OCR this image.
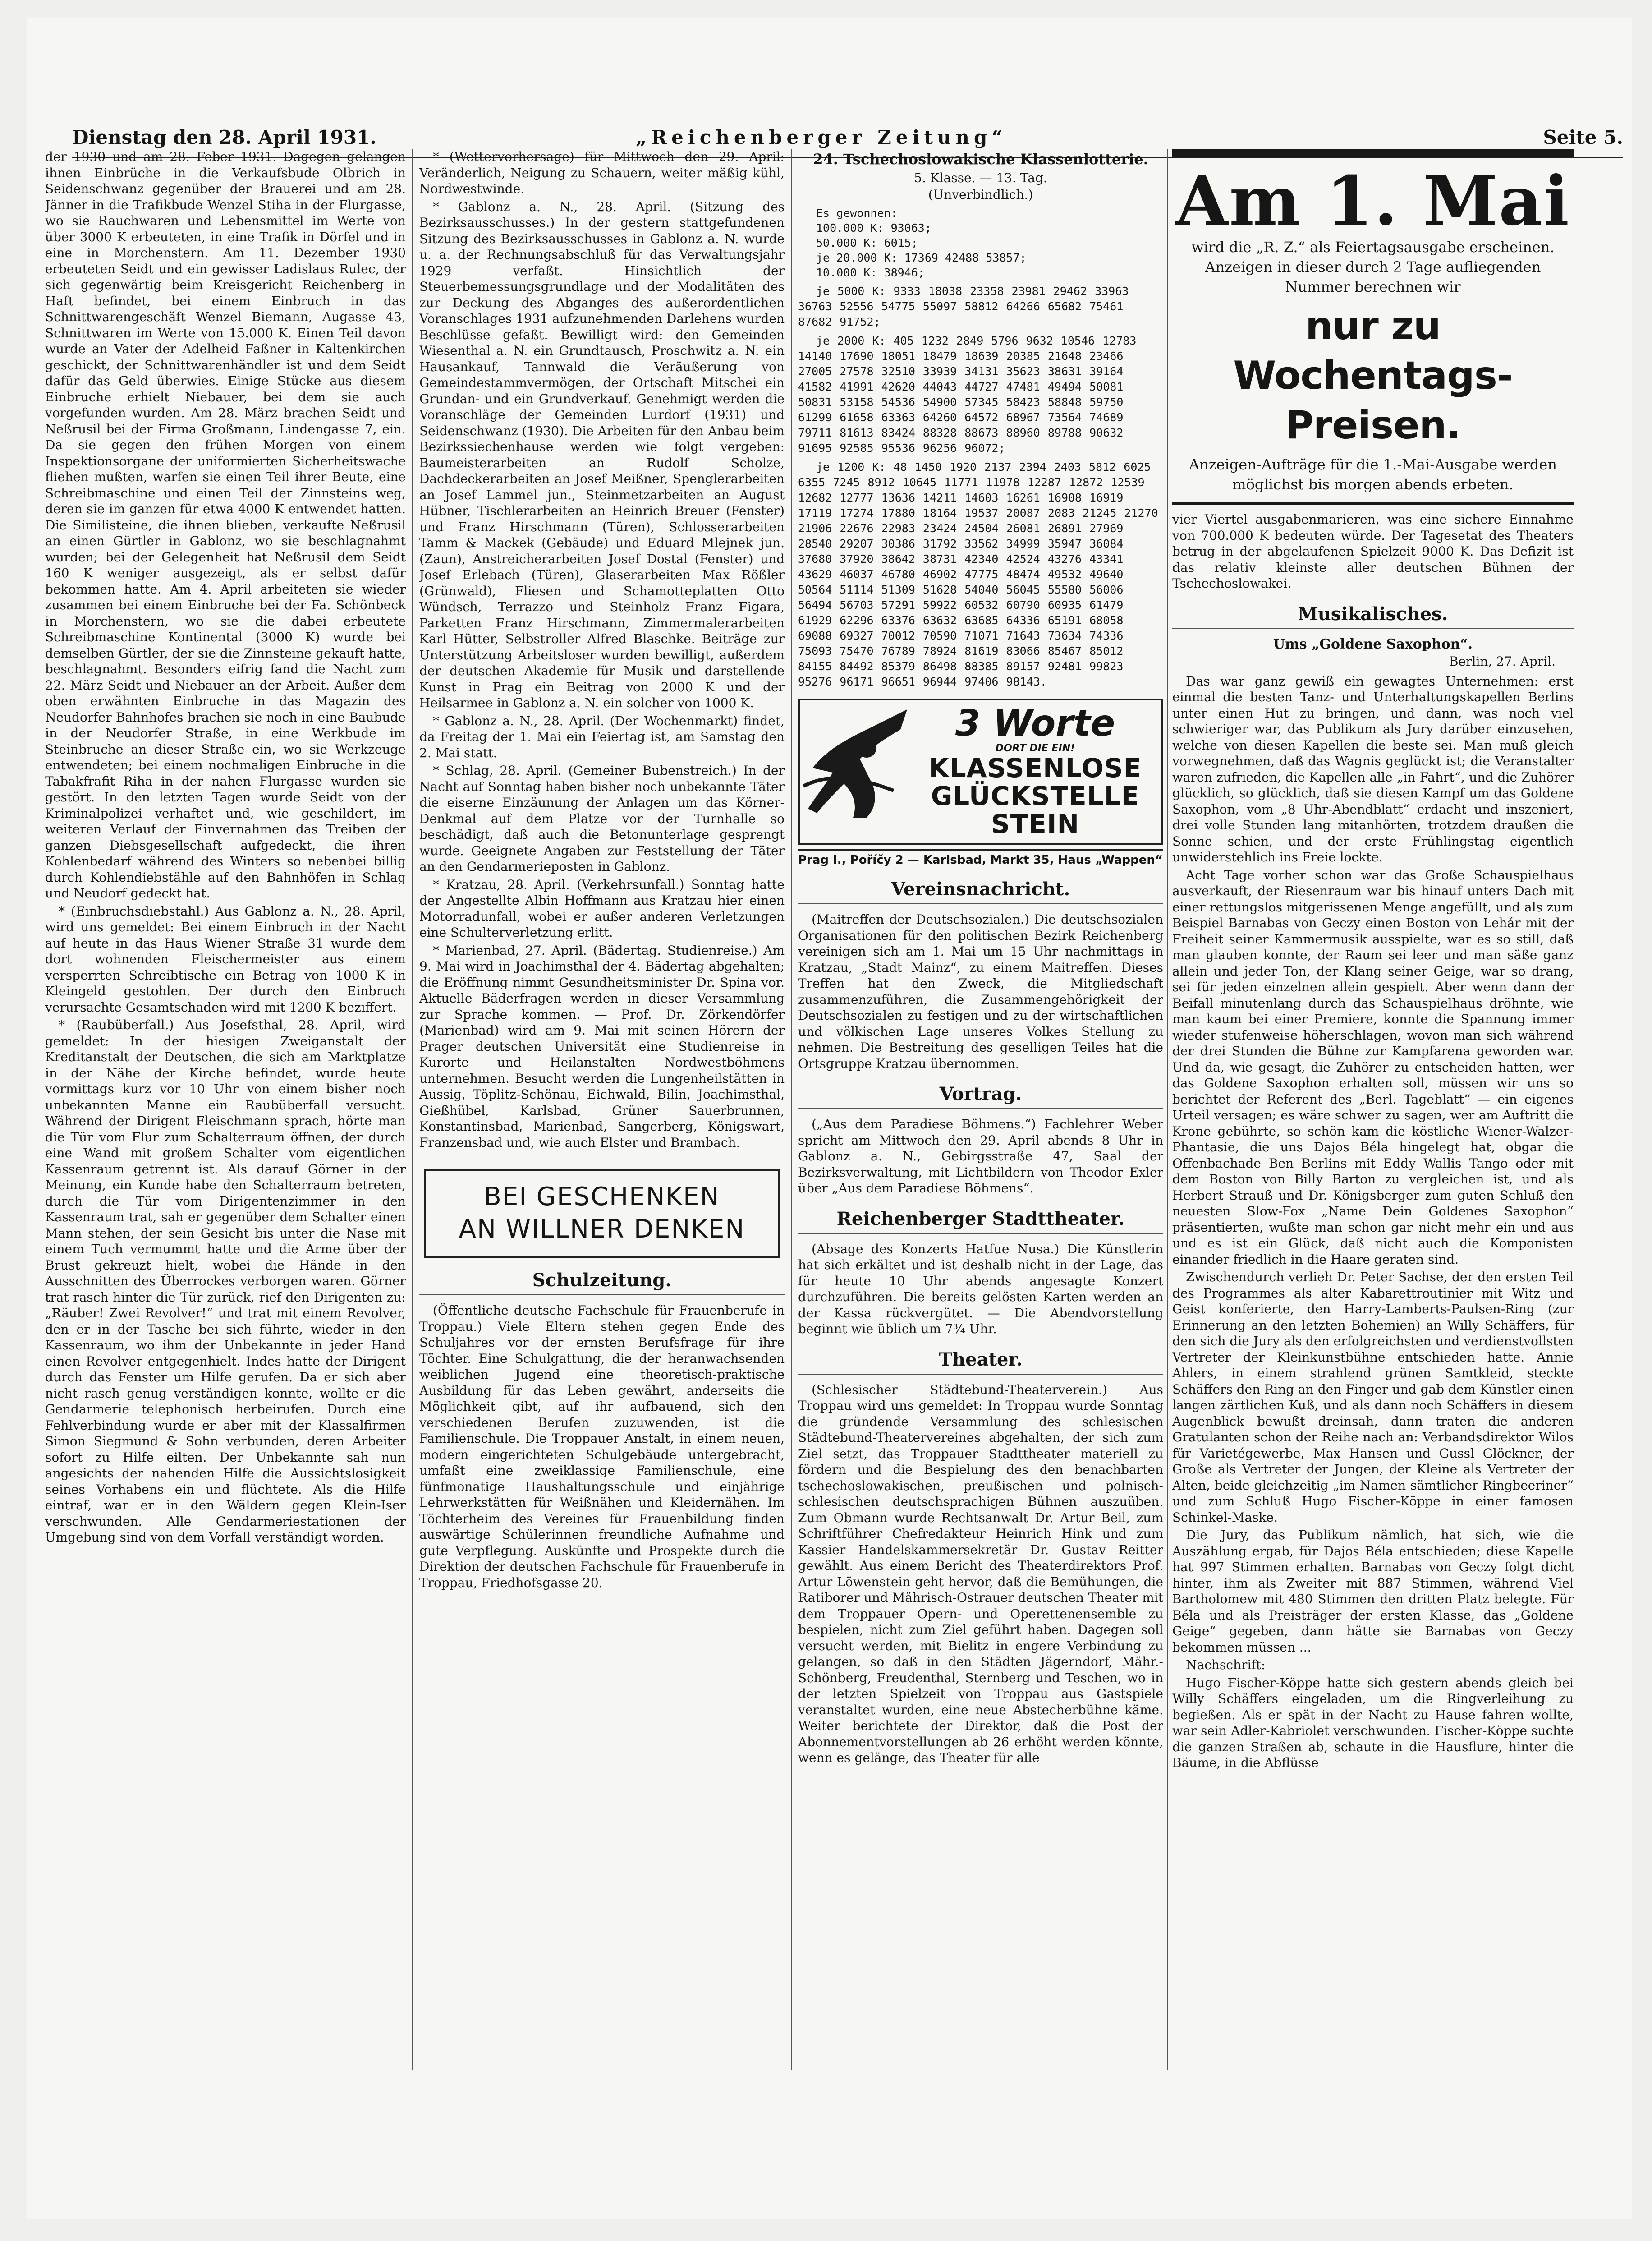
Dienstag den 28. April 1931.	„Reichenberger Zeitung“	Seite 5.

der 1930 und am 28. Feber 1931. Dagegen gelangen ihnen Einbrüche in die Verkaufsbude Olbrich in Seidenschwanz gegenüber der Brauerei und am 28. Jänner in die Trafikbude Wenzel Stiha in der Flurgasse, wo sie Rauchwaren und Lebensmittel im Werte von über 3000 K erbeuteten, in eine Trafik in Dörfel und in eine in Morchenstern. Am 11. Dezember 1930 erbeuteten Seidt und ein gewisser Ladislaus Rulec, der sich gegenwärtig beim Kreisgericht Reichenberg in Haft befindet, bei einem Einbruch in das Schnittwarengeschäft Wenzel Biemann, Augasse 43, Schnittwaren im Werte von 15.000 K. Einen Teil davon wurde an Vater der Adelheid Faßner in Kaltenkirchen geschickt, der Schnittwarenhändler ist und dem Seidt dafür das Geld überwies. Einige Stücke aus diesem Einbruche erhielt Niebauer, bei dem sie auch vorgefunden wurden. Am 28. März brachen Seidt und Neßrusil bei der Firma Großmann, Lindengasse 7, ein. Da sie gegen den frühen Morgen von einem Inspektionsorgane der uniformierten Sicherheitswache fliehen mußten, warfen sie einen Teil ihrer Beute, eine Schreibmaschine und einen Teil der Zinnsteins weg, deren sie im ganzen für etwa 4000 K entwendet hatten. Die Similisteine, die ihnen blieben, verkaufte Neßrusil an einen Gürtler in Gablonz, wo sie beschlagnahmt wurden; bei der Gelegenheit hat Neßrusil dem Seidt 160 K weniger ausgezeigt, als er selbst dafür bekommen hatte. Am 4. April arbeiteten sie wieder zusammen bei einem Einbruche bei der Fa. Schönbeck in Morchenstern, wo sie die dabei erbeutete Schreibmaschine Kontinental (3000 K) wurde bei demselben Gürtler, der sie die Zinnsteine gekauft hatte, beschlagnahmt. Besonders eifrig fand die Nacht zum 22. März Seidt und Niebauer an der Arbeit. Außer dem oben erwähnten Einbruche in das Magazin des Neudorfer Bahnhofes brachen sie noch in eine Baubude in der Neudorfer Straße, in eine Werkbude im Steinbruche an dieser Straße ein, wo sie Werkzeuge entwendeten; bei einem nochmaligen Einbruche in die Tabakfrafit Riha in der nahen Flurgasse wurden sie gestört. In den letzten Tagen wurde Seidt von der Kriminalpolizei verhaftet und, wie geschildert, im weiteren Verlauf der Einvernahmen das Treiben der ganzen Diebsgesellschaft aufgedeckt, die ihren Kohlenbedarf während des Winters so nebenbei billig durch Kohlendiebstähle auf den Bahnhöfen in Schlag und Neudorf gedeckt hat.

* (Einbruchsdiebstahl.) Aus Gablonz a. N., 28. April, wird uns gemeldet: Bei einem Einbruch in der Nacht auf heute in das Haus Wiener Straße 31 wurde dem dort wohnenden Fleischermeister aus einem versperrten Schreibtische ein Betrag von 1000 K in Kleingeld gestohlen. Der durch den Einbruch verursachte Gesamtschaden wird mit 1200 K beziffert.

* (Raubüberfall.) Aus Josefsthal, 28. April, wird gemeldet: In der hiesigen Zweiganstalt der Kreditanstalt der Deutschen, die sich am Marktplatze in der Nähe der Kirche befindet, wurde heute vormittags kurz vor 10 Uhr von einem bisher noch unbekannten Manne ein Raubüberfall versucht. Während der Dirigent Fleischmann sprach, hörte man die Tür vom Flur zum Schalterraum öffnen, der durch eine Wand mit großem Schalter vom eigentlichen Kassenraum getrennt ist. Als darauf Görner in der Meinung, ein Kunde habe den Schalterraum betreten, durch die Tür vom Dirigentenzimmer in den Kassenraum trat, sah er gegenüber dem Schalter einen Mann stehen, der sein Gesicht bis unter die Nase mit einem Tuch vermummt hatte und die Arme über der Brust gekreuzt hielt, wobei die Hände in den Ausschnitten des Überrockes verborgen waren. Görner trat rasch hinter die Tür zurück, rief den Dirigenten zu: „Räuber! Zwei Revolver!“ und trat mit einem Revolver, den er in der Tasche bei sich führte, wieder in den Kassenraum, wo ihm der Unbekannte in jeder Hand einen Revolver entgegenhielt. Indes hatte der Dirigent durch das Fenster um Hilfe gerufen. Da er sich aber nicht rasch genug verständigen konnte, wollte er die Gendarmerie telephonisch herbeirufen. Durch eine Fehlverbindung wurde er aber mit der Klassalfirmen Simon Siegmund & Sohn verbunden, deren Arbeiter sofort zu Hilfe eilten. Der Unbekannte sah nun angesichts der nahenden Hilfe die Aussichtslosigkeit seines Vorhabens ein und flüchtete. Als die Hilfe eintraf, war er in den Wäldern gegen Klein-Iser verschwunden. Alle Gendarmeriestationen der Umgebung sind von dem Vorfall verständigt worden.

* (Wettervorhersage) für Mittwoch den 29. April: Veränderlich, Neigung zu Schauern, weiter mäßig kühl, Nordwestwinde.

* Gablonz a. N., 28. April. (Sitzung des Bezirksausschusses.) In der gestern stattgefundenen Sitzung des Bezirksausschusses in Gablonz a. N. wurde u. a. der Rechnungsabschluß für das Verwaltungsjahr 1929 verfaßt. Hinsichtlich der Steuerbemessungsgrundlage und der Modalitäten des zur Deckung des Abganges des außerordentlichen Voranschlages 1931 aufzunehmenden Darlehens wurden Beschlüsse gefaßt. Bewilligt wird: den Gemeinden Wiesenthal a. N. ein Grundtausch, Proschwitz a. N. ein Hausankauf, Tannwald die Veräußerung von Gemeindestammvermögen, der Ortschaft Mitschei ein Grundan- und ein Grundverkauf. Genehmigt werden die Voranschläge der Gemeinden Lurdorf (1931) und Seidenschwanz (1930). Die Arbeiten für den Anbau beim Bezirkssiechenhause werden wie folgt vergeben: Baumeisterarbeiten an Rudolf Scholze, Dachdeckerarbeiten an Josef Meißner, Spenglerarbeiten an Josef Lammel jun., Steinmetzarbeiten an August Hübner, Tischlerarbeiten an Heinrich Breuer (Fenster) und Franz Hirschmann (Türen), Schlosserarbeiten Tamm & Mackek (Gebäude) und Eduard Mlejnek jun. (Zaun), Anstreicherarbeiten Josef Dostal (Fenster) und Josef Erlebach (Türen), Glaserarbeiten Max Rößler (Grünwald), Fliesen und Schamotteplatten Otto Wündsch, Terrazzo und Steinholz Franz Figara, Parketten Franz Hirschmann, Zimmermalerarbeiten Karl Hütter, Selbstroller Alfred Blaschke. Beiträge zur Unterstützung Arbeitsloser wurden bewilligt, außerdem der deutschen Akademie für Musik und darstellende Kunst in Prag ein Beitrag von 2000 K und der Heilsarmee in Gablonz a. N. ein solcher von 1000 K.

* Gablonz a. N., 28. April. (Der Wochenmarkt) findet, da Freitag der 1. Mai ein Feiertag ist, am Samstag den 2. Mai statt.

* Schlag, 28. April. (Gemeiner Bubenstreich.) In der Nacht auf Sonntag haben bisher noch unbekannte Täter die eiserne Einzäunung der Anlagen um das Körner-Denkmal auf dem Platze vor der Turnhalle so beschädigt, daß auch die Betonunterlage gesprengt wurde. Geeignete Angaben zur Feststellung der Täter an den Gendarmerieposten in Gablonz.

* Kratzau, 28. April. (Verkehrsunfall.) Sonntag hatte der Angestellte Albin Hoffmann aus Kratzau hier einen Motorradunfall, wobei er außer anderen Verletzungen eine Schulterverletzung erlitt.

* Marienbad, 27. April. (Bädertag. Studienreise.) Am 9. Mai wird in Joachimsthal der 4. Bädertag abgehalten; die Eröffnung nimmt Gesundheitsminister Dr. Spina vor. Aktuelle Bäderfragen werden in dieser Versammlung zur Sprache kommen. — Prof. Dr. Zörkendörfer (Marienbad) wird am 9. Mai mit seinen Hörern der Prager deutschen Universität eine Studienreise in Kurorte und Heilanstalten Nordwestböhmens unternehmen. Besucht werden die Lungenheilstätten in Aussig, Töplitz-Schönau, Eichwald, Bilin, Joachimsthal, Gießhübel, Karlsbad, Grüner Sauerbrunnen, Konstantinsbad, Marienbad, Sangerberg, Königswart, Franzensbad und, wie auch Elster und Brambach.

BEI GESCHENKEN
AN WILLNER DENKEN
Schulzeitung.

(Öffentliche deutsche Fachschule für Frauenberufe in Troppau.) Viele Eltern stehen gegen Ende des Schuljahres vor der ernsten Berufsfrage für ihre Töchter. Eine Schulgattung, die der heranwachsenden weiblichen Jugend eine theoretisch-praktische Ausbildung für das Leben gewährt, anderseits die Möglichkeit gibt, auf ihr aufbauend, sich den verschiedenen Berufen zuzuwenden, ist die Familienschule. Die Troppauer Anstalt, in einem neuen, modern eingerichteten Schulgebäude untergebracht, umfaßt eine zweiklassige Familienschule, eine fünfmonatige Haushaltungsschule und einjährige Lehrwerkstätten für Weißnähen und Kleidernähen. Im Töchterheim des Vereines für Frauenbildung finden auswärtige Schülerinnen freundliche Aufnahme und gute Verpflegung. Auskünfte und Prospekte durch die Direktion der deutschen Fachschule für Frauenberufe in Troppau, Friedhofsgasse 20.

24. Tschechoslowakische Klassenlotterie.
5. Klasse. — 13. Tag.
(Unverbindlich.)
Es gewonnen:
100.000 K: 93063;
50.000 K: 6015;
je 20.000 K: 17369 42488 53857;
10.000 K: 38946;
je 5000 K: 9333 18038 23358 23981 29462 33963 36763 52556 54775 55097 58812 64266 65682 75461 87682 91752;
je 2000 K: 405 1232 2849 5796 9632 10546 12783 14140 17690 18051 18479 18639 20385 21648 23466 27005 27578 32510 33939 34131 35623 38631 39164 41582 41991 42620 44043 44727 47481 49494 50081 50831 53158 54536 54900 57345 58423 58848 59750 61299 61658 63363 64260 64572 68967 73564 74689 79711 81613 83424 88328 88673 88960 89788 90632 91695 92585 95536 96256 96072;
je 1200 K: 48 1450 1920 2137 2394 2403 5812 6025 6355 7245 8912 10645 11771 11978 12287 12872 12539 12682 12777 13636 14211 14603 16261 16908 16919 17119 17274 17880 18164 19537 20087 2083 21245 21270 21906 22676 22983 23424 24504 26081 26891 27969 28540 29207 30386 31792 33562 34999 35947 36084 37680 37920 38642 38731 42340 42524 43276 43341 43629 46037 46780 46902 47775 48474 49532 49640 50564 51114 51309 51628 54040 56045 55580 56006 56494 56703 57291 59922 60532 60790 60935 61479 61929 62296 63376 63632 63685 64336 65191 68058 69088 69327 70012 70590 71071 71643 73634 74336 75093 75470 76789 78924 81619 83066 85467 85012 84155 84492 85379 86498 88385 89157 92481 99823 95276 96171 96651 96944 97406 98143.
3 Worte
DORT DIE EIN!
KLASSENLOSE
GLÜCKSTELLE
STEIN
Prag I., Poříčy 2 — Karlsbad, Markt 35, Haus „Wappen“
Vereinsnachricht.

(Maitreffen der Deutschsozialen.) Die deutschsozialen Organisationen für den politischen Bezirk Reichenberg vereinigen sich am 1. Mai um 15 Uhr nachmittags in Kratzau, „Stadt Mainz“, zu einem Maitreffen. Dieses Treffen hat den Zweck, die Mitgliedschaft zusammenzuführen, die Zusammengehörigkeit der Deutschsozialen zu festigen und zu der wirtschaftlichen und völkischen Lage unseres Volkes Stellung zu nehmen. Die Bestreitung des geselligen Teiles hat die Ortsgruppe Kratzau übernommen.

Vortrag.

(„Aus dem Paradiese Böhmens.“) Fachlehrer Weber spricht am Mittwoch den 29. April abends 8 Uhr in Gablonz a. N., Gebirgsstraße 47, Saal der Bezirksverwaltung, mit Lichtbildern von Theodor Exler über „Aus dem Paradiese Böhmens“.

Reichenberger Stadttheater.

(Absage des Konzerts Hatfue Nusa.) Die Künstlerin hat sich erkältet und ist deshalb nicht in der Lage, das für heute 10 Uhr abends angesagte Konzert durchzuführen. Die bereits gelösten Karten werden an der Kassa rückvergütet. — Die Abendvorstellung beginnt wie üblich um 7¾ Uhr.

Theater.

(Schlesischer Städtebund-Theaterverein.) Aus Troppau wird uns gemeldet: In Troppau wurde Sonntag die gründende Versammlung des schlesischen Städtebund-Theatervereines abgehalten, der sich zum Ziel setzt, das Troppauer Stadttheater materiell zu fördern und die Bespielung des den benachbarten tschechoslowakischen, preußischen und polnisch-schlesischen deutschsprachigen Bühnen auszuüben. Zum Obmann wurde Rechtsanwalt Dr. Artur Beil, zum Schriftführer Chefredakteur Heinrich Hink und zum Kassier Handelskammersekretär Dr. Gustav Reitter gewählt. Aus einem Bericht des Theaterdirektors Prof. Artur Löwenstein geht hervor, daß die Bemühungen, die Ratiborer und Mährisch-Ostrauer deutschen Theater mit dem Troppauer Opern- und Operettenensemble zu bespielen, nicht zum Ziel geführt haben. Dagegen soll versucht werden, mit Bielitz in engere Verbindung zu gelangen, so daß in den Städten Jägerndorf, Mähr.-Schönberg, Freudenthal, Sternberg und Teschen, wo in der letzten Spielzeit von Troppau aus Gastspiele veranstaltet wurden, eine neue Abstecherbühne käme. Weiter berichtete der Direktor, daß die Post der Abonnementvorstellungen ab 26 erhöht werden könnte, wenn es gelänge, das Theater für alle

Am 1. Mai
wird die „R. Z.“ als Feiertagsausgabe erscheinen. Anzeigen in dieser durch 2 Tage aufliegenden Nummer berechnen wir
nur zu Wochentags-Preisen.
Anzeigen-Aufträge für die 1.-Mai-Ausgabe werden möglichst bis morgen abends erbeten.

vier Viertel ausgabenmarieren, was eine sichere Einnahme von 700.000 K bedeuten würde. Der Tagesetat des Theaters betrug in der abgelaufenen Spielzeit 9000 K. Das Defizit ist das relativ kleinste aller deutschen Bühnen der Tschechoslowakei.

Musikalisches.
Ums „Goldene Saxophon“.
Berlin, 27. April.

Das war ganz gewiß ein gewagtes Unternehmen: erst einmal die besten Tanz- und Unterhaltungskapellen Berlins unter einen Hut zu bringen, und dann, was noch viel schwieriger war, das Publikum als Jury darüber einzusehen, welche von diesen Kapellen die beste sei. Man muß gleich vorwegnehmen, daß das Wagnis geglückt ist; die Veranstalter waren zufrieden, die Kapellen alle „in Fahrt“, und die Zuhörer glücklich, so glücklich, daß sie diesen Kampf um das Goldene Saxophon, vom „8 Uhr-Abendblatt“ erdacht und inszeniert, drei volle Stunden lang mitanhörten, trotzdem draußen die Sonne schien, und der erste Frühlingstag eigentlich unwiderstehlich ins Freie lockte.

Acht Tage vorher schon war das Große Schauspielhaus ausverkauft, der Riesenraum war bis hinauf unters Dach mit einer rettungslos mitgerissenen Menge angefüllt, und als zum Beispiel Barnabas von Geczy einen Boston von Lehár mit der Freiheit seiner Kammermusik ausspielte, war es so still, daß man glauben konnte, der Raum sei leer und man säße ganz allein und jeder Ton, der Klang seiner Geige, war so drang, sei für jeden einzelnen allein gespielt. Aber wenn dann der Beifall minutenlang durch das Schauspielhaus dröhnte, wie man kaum bei einer Premiere, konnte die Spannung immer wieder stufenweise höherschlagen, wovon man sich während der drei Stunden die Bühne zur Kampfarena geworden war. Und da, wie gesagt, die Zuhörer zu entscheiden hatten, wer das Goldene Saxophon erhalten soll, müssen wir uns so berichtet der Referent des „Berl. Tageblatt“ — ein eigenes Urteil versagen; es wäre schwer zu sagen, wer am Auftritt die Krone gebührte, so schön kam die köstliche Wiener-Walzer-Phantasie, die uns Dajos Béla hingelegt hat, obgar die Offenbachade Ben Berlins mit Eddy Wallis Tango oder mit dem Boston von Billy Barton zu vergleichen ist, und als Herbert Strauß und Dr. Königsberger zum guten Schluß den neuesten Slow-Fox „Name Dein Goldenes Saxophon“ präsentierten, wußte man schon gar nicht mehr ein und aus und es ist ein Glück, daß nicht auch die Komponisten einander friedlich in die Haare geraten sind.

Zwischendurch verlieh Dr. Peter Sachse, der den ersten Teil des Programmes als alter Kabarettroutinier mit Witz und Geist konferierte, den Harry-Lamberts-Paulsen-Ring (zur Erinnerung an den letzten Bohemien) an Willy Schäffers, für den sich die Jury als den erfolgreichsten und verdienstvollsten Vertreter der Kleinkunstbühne entschieden hatte. Annie Ahlers, in einem strahlend grünen Samtkleid, steckte Schäffers den Ring an den Finger und gab dem Künstler einen langen zärtlichen Kuß, und als dann noch Schäffers in diesem Augenblick bewußt dreinsah, dann traten die anderen Gratulanten schon der Reihe nach an: Verbandsdirektor Wilos für Varietégewerbe, Max Hansen und Gussl Glöckner, der Große als Vertreter der Jungen, der Kleine als Vertreter der Alten, beide gleichzeitig „im Namen sämtlicher Ringbeeriner“ und zum Schluß Hugo Fischer-Köppe in einer famosen Schinkel-Maske.

Die Jury, das Publikum nämlich, hat sich, wie die Auszählung ergab, für Dajos Béla entschieden; diese Kapelle hat 997 Stimmen erhalten. Barnabas von Geczy folgt dicht hinter, ihm als Zweiter mit 887 Stimmen, während Viel Bartholomew mit 480 Stimmen den dritten Platz belegte. Für Béla und als Preisträger der ersten Klasse, das „Goldene Geige“ gegeben, dann hätte sie Barnabas von Geczy bekommen müssen ...

Nachschrift:

Hugo Fischer-Köppe hatte sich gestern abends gleich bei Willy Schäffers eingeladen, um die Ringverleihung zu begießen. Als er spät in der Nacht zu Hause fahren wollte, war sein Adler-Kabriolet verschwunden. Fischer-Köppe suchte die ganzen Straßen ab, schaute in die Hausflure, hinter die Bäume, in die Abflüsse
